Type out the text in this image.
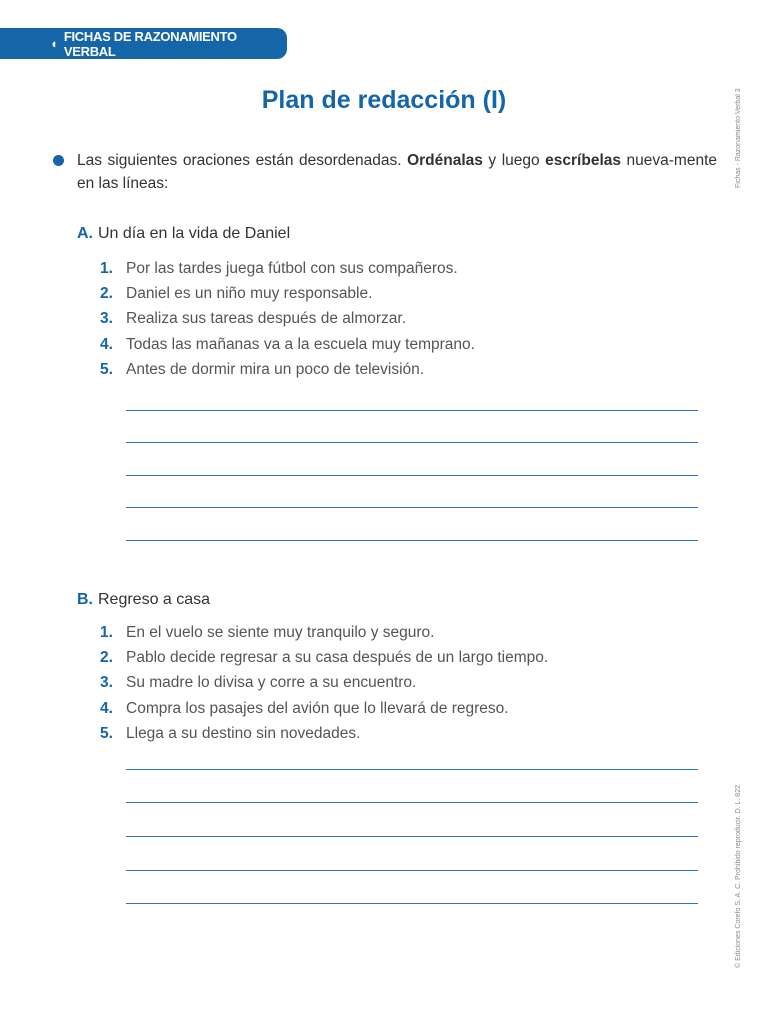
◖ FICHAS DE RAZONAMIENTO VERBAL
Fichas - Razonamiento Verbal 3
© Ediciones Corefo S. A. C. Prohibido reproducir. D. L. 822
Plan de redacción (I)
Las siguientes oraciones están desordenadas. Ordénalas y luego escríbelas nueva-mente en las líneas:
A. Un día en la vida de Daniel
1. Por las tardes juega fútbol con sus compañeros.
2. Daniel es un niño muy responsable.
3. Realiza sus tareas después de almorzar.
4. Todas las mañanas va a la escuela muy temprano.
5. Antes de dormir mira un poco de televisión.
B. Regreso a casa
1. En el vuelo se siente muy tranquilo y seguro.
2. Pablo decide regresar a su casa después de un largo tiempo.
3. Su madre lo divisa y corre a su encuentro.
4. Compra los pasajes del avión que lo llevará de regreso.
5. Llega a su destino sin novedades.
